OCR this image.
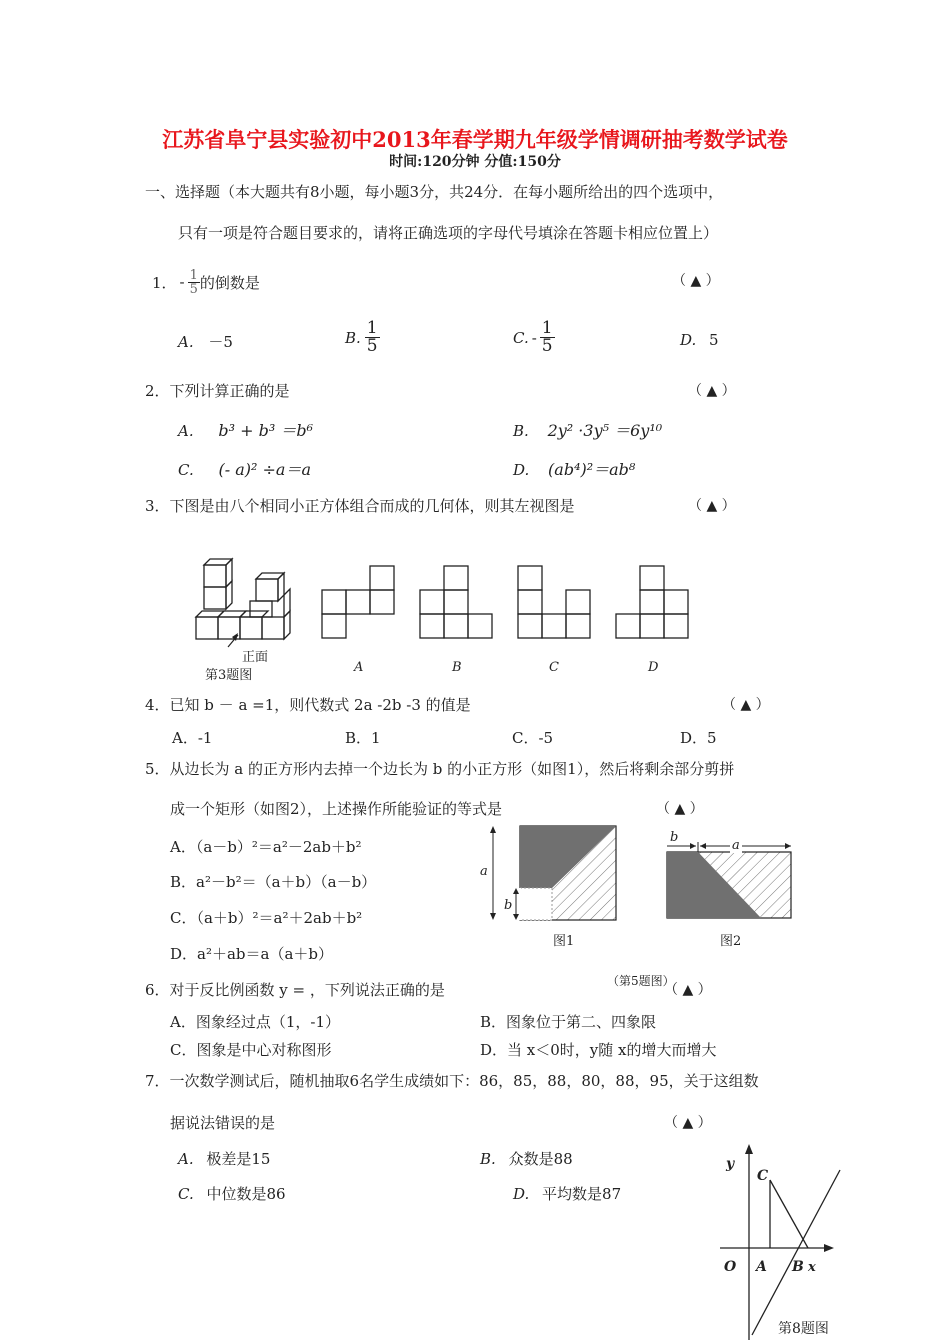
江苏省阜宁县实验初中2013年春学期九年级学情调研抽考数学试卷
时间:120分钟 分值:150分
一、选择题（本大题共有8小题，每小题3分，共24分．在每小题所给出的四个选项中，
只有一项是符合题目要求的，请将正确选项的字母代号填涂在答题卡相应位置上）
1． - $\frac{1}{5}$ 的倒数是	（ ▲ ）
A. －5	B. $\frac{1}{5}$	C. - $\frac{1}{5}$	D. 5
2．下列计算正确的是	（ ▲ ）
A. b³ + b³ ＝b⁶	B. 2y² ·3y⁵ ＝6y¹⁰
C. (- a)² ÷a＝a	D. (ab⁴)²＝ab⁸
3．下图是由八个相同小正方体组合而成的几何体，则其左视图是	（ ▲ ）
正面
第3题图
A	B	C	D
4．已知 b － a =1，则代数式 2a -2b -3 的值是	（ ▲ ）
A．-1	B．1	C．-5	D．5
5．从边长为 a 的正方形内去掉一个边长为 b 的小正方形（如图1），然后将剩余部分剪拼
成一个矩形（如图2），上述操作所能验证的等式是	（ ▲ ）
A．（a－b）²＝a²－2ab＋b²
B．a²－b²＝（a＋b）（a－b）
C．（a＋b）²＝a²＋2ab＋b²
D．a²＋ab＝a（a＋b）
a
b
图1
b
a
图2
（第5题图）
6．对于反比例函数 y = ，下列说法正确的是	（ ▲ ）
A．图象经过点（1，-1）	B．图象位于第二、四象限
C．图象是中心对称图形	D．当 x＜0时，y随 x的增大而增大
7．一次数学测试后，随机抽取6名学生成绩如下：86，85，88，80，88，95，关于这组数
据说法错误的是	（ ▲ ）
A. 极差是15	B. 众数是88
C. 中位数是86	D. 平均数是87
y
C
O A B x
第8题图
